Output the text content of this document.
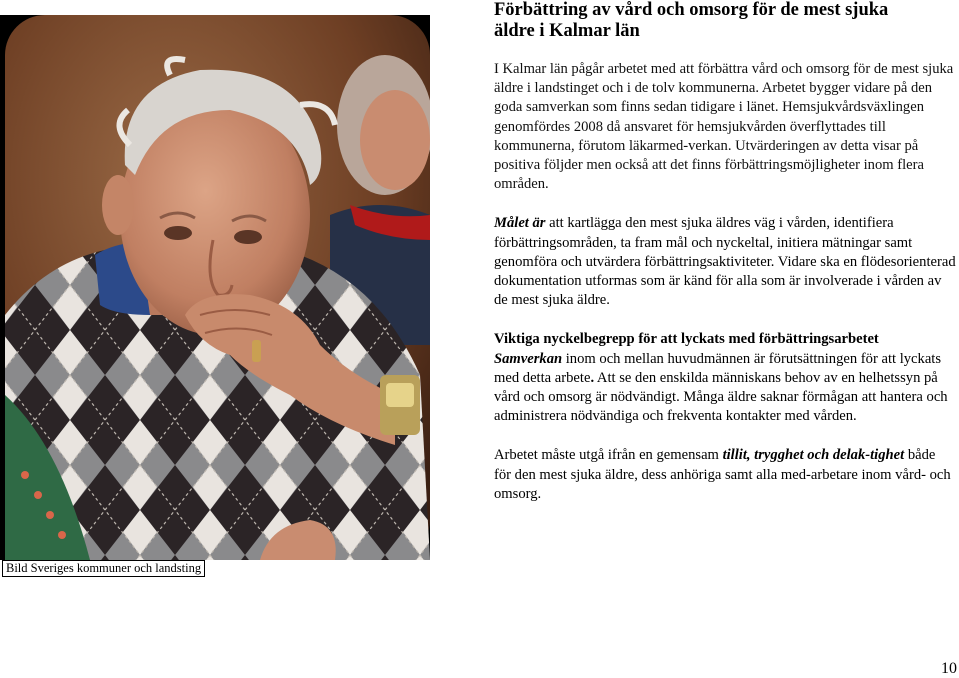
Bild Sveriges kommuner och landsting
Förbättring av vård och omsorg för de mest sjuka
äldre i Kalmar län

I Kalmar län pågår arbetet med att förbättra vård och omsorg för de mest sjuka äldre i landstinget och i de tolv kommunerna. Arbetet bygger vidare på den goda samverkan som finns sedan tidigare i länet. Hemsjukvårdsväxlingen genomfördes 2008 då ansvaret för hemsjukvården överflyttades till kommunerna, förutom läkarmed-verkan. Utvärderingen av detta visar på positiva följder men också att det finns förbättringsmöjligheter inom flera områden.

Målet är att kartlägga den mest sjuka äldres väg i vården, identifiera förbättringsområden, ta fram mål och nyckeltal, initiera mätningar samt genomföra och utvärdera förbättringsaktiviteter. Vidare ska en flödesorienterad dokumentation utformas som är känd för alla som är involverade i vården av de mest sjuka äldre.

Viktiga nyckelbegrepp för att lyckats med förbättringsarbetet
Samverkan inom och mellan huvudmännen är förutsättningen för att lyckats med detta arbete. Att se den enskilda människans behov av en helhetssyn på vård och omsorg är nödvändigt. Många äldre saknar förmågan att hantera och administrera nödvändiga och frekventa kontakter med vården.

Arbetet måste utgå ifrån en gemensam tillit, trygghet och delak-tighet både för den mest sjuka äldre, dess anhöriga samt alla med-arbetare inom vård- och omsorg.

10
